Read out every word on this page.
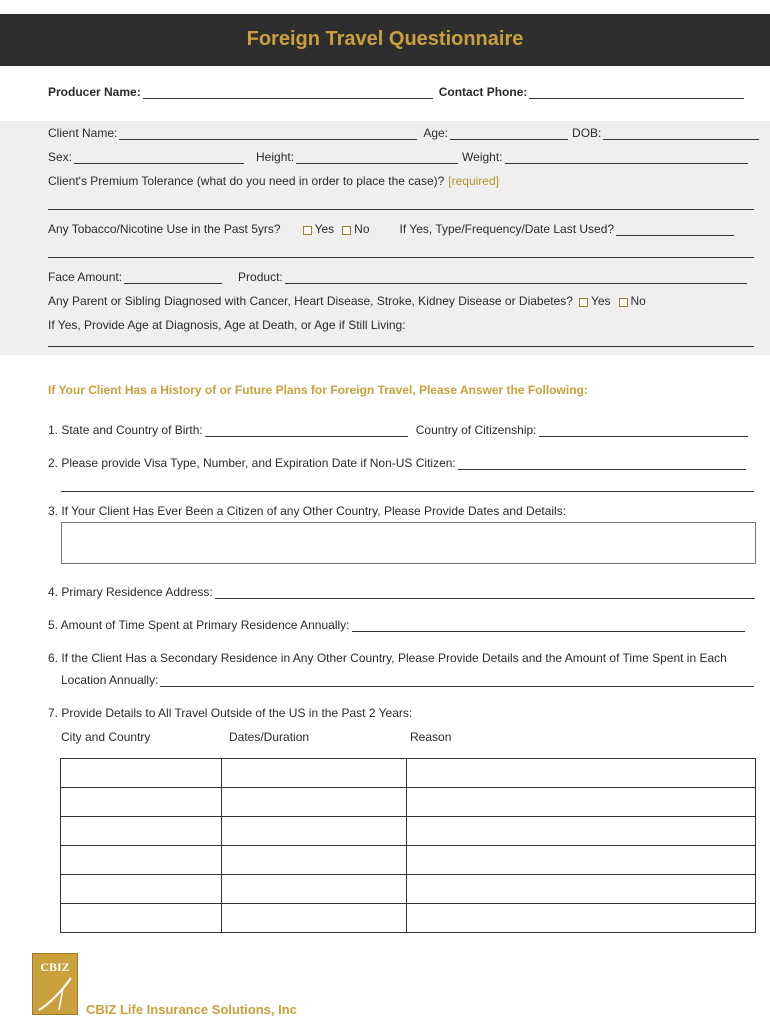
Foreign Travel Questionnaire
Producer Name:	Contact Phone:
Client Name:	Age:	DOB:
Sex:	Height:	Weight:
Client's Premium Tolerance (what do you need in order to place the case)? [required]
Any Tobacco/Nicotine Use in the Past 5yrs?	Yes No	If Yes, Type/Frequency/Date Last Used?
Face Amount:	Product:
Any Parent or Sibling Diagnosed with Cancer, Heart Disease, Stroke, Kidney Disease or Diabetes? Yes No
If Yes, Provide Age at Diagnosis, Age at Death, or Age if Still Living:
If Your Client Has a History of or Future Plans for Foreign Travel, Please Answer the Following:
1. State and Country of Birth:	Country of Citizenship:
2. Please provide Visa Type, Number, and Expiration Date if Non-US Citizen:
3. If Your Client Has Ever Been a Citizen of any Other Country, Please Provide Dates and Details:
4. Primary Residence Address:
5. Amount of Time Spent at Primary Residence Annually:
6. If the Client Has a Secondary Residence in Any Other Country, Please Provide Details and the Amount of Time Spent in Each
Location Annually:
7. Provide Details to All Travel Outside of the US in the Past 2 Years:
City and Country	Dates/Duration	Reason

CBIZ
CBIZ Life Insurance Solutions, Inc
